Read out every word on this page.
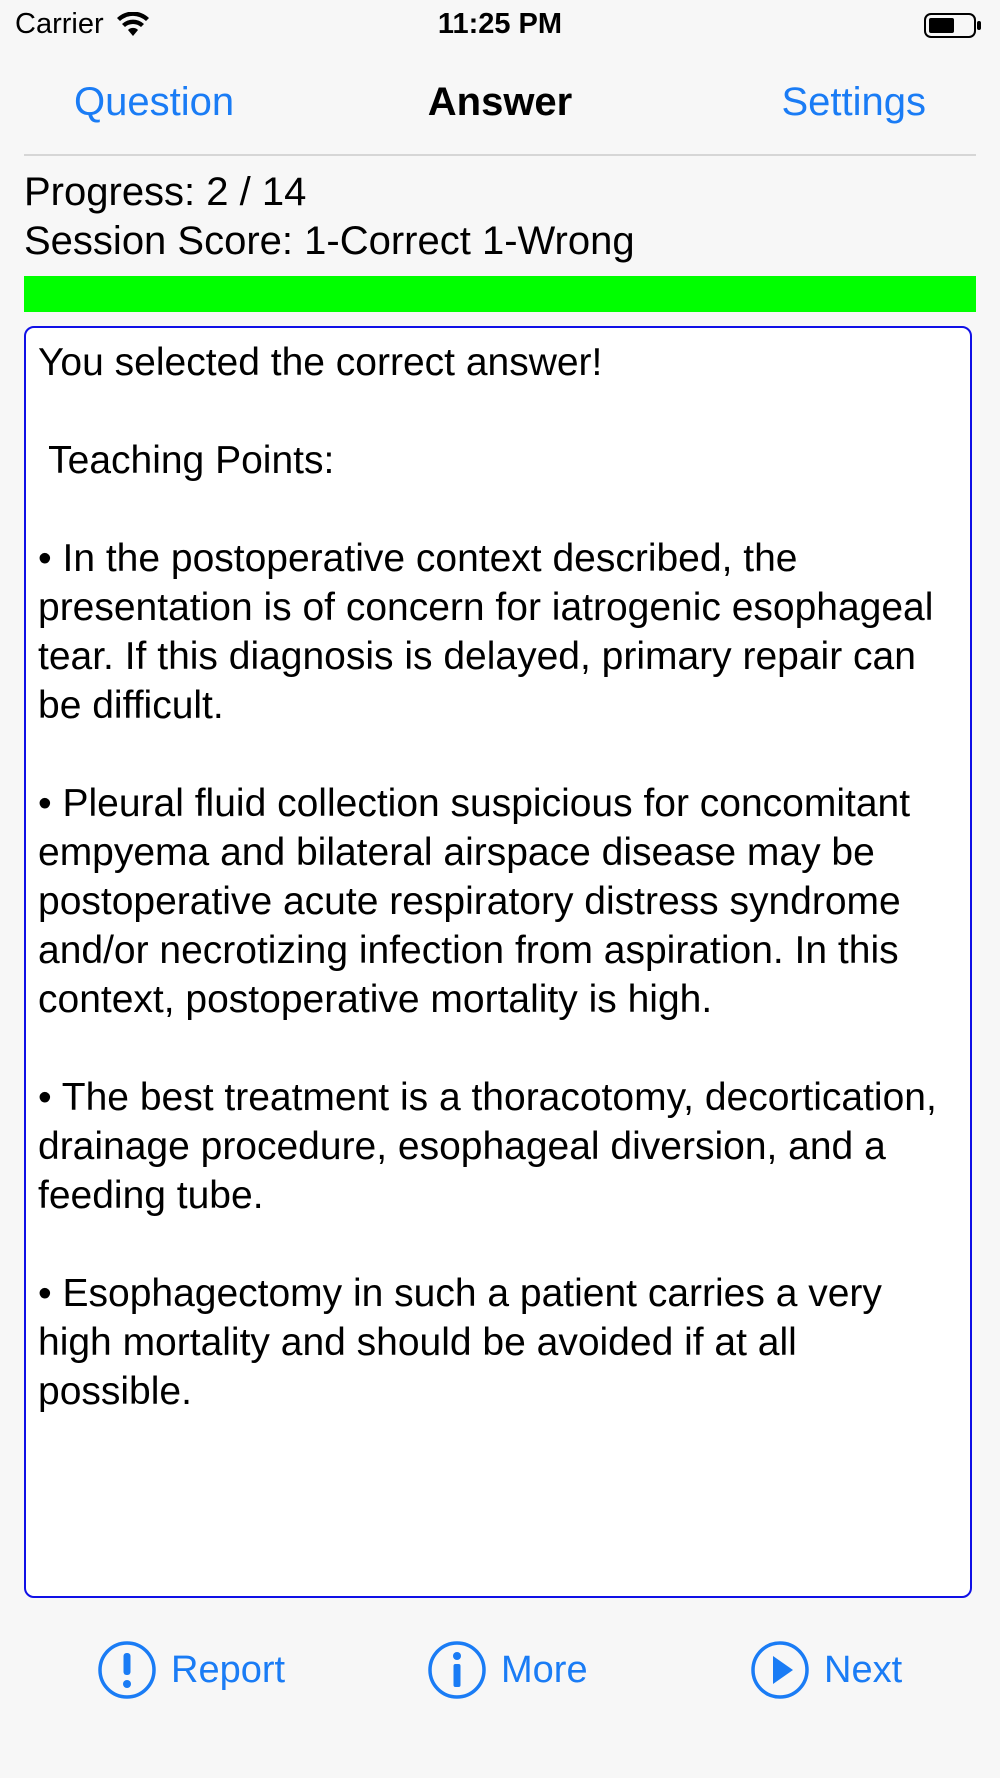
Carrier	11:25 PM
Question	Answer	Settings
Progress: 2 / 14
Session Score: 1-Correct 1-Wrong

You selected the correct answer!

Teaching Points:

• In the postoperative context described, the presentation is of concern for iatrogenic esophageal tear. If this diagnosis is delayed, primary repair can be difficult.

• Pleural fluid collection suspicious for concomitant empyema and bilateral airspace disease may be postoperative acute respiratory distress syndrome and/or necrotizing infection from aspiration. In this context, postoperative mortality is high.

• The best treatment is a thoracotomy, decortication, drainage procedure, esophageal diversion, and a feeding tube.

• Esophagectomy in such a patient carries a very high mortality and should be avoided if at all possible.

Report	More	Next
